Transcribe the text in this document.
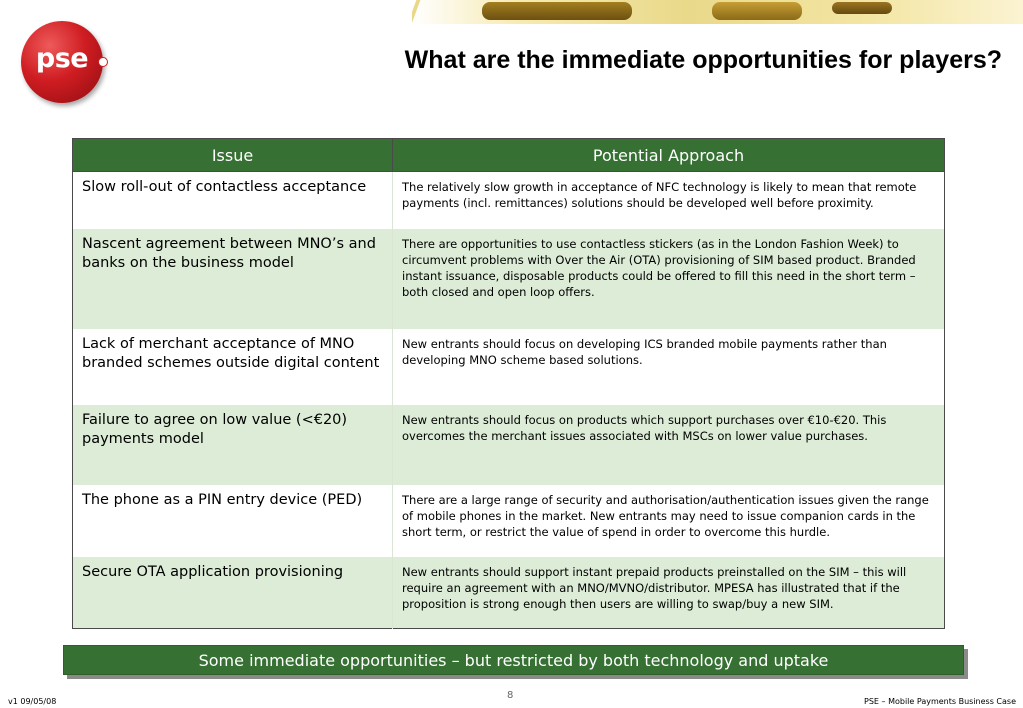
pse	What are the immediate opportunities for players?
Issue	Potential Approach
Slow roll-out of contactless acceptance	The relatively slow growth in acceptance of NFC technology is likely to mean that remote payments (incl. remittances) solutions should be developed well before proximity.
Nascent agreement between MNO’s and banks on the business model	There are opportunities to use contactless stickers (as in the London Fashion Week) to circumvent problems with Over the Air (OTA) provisioning of SIM based product. Branded instant issuance, disposable products could be offered to fill this need in the short term – both closed and open loop offers.
Lack of merchant acceptance of MNO branded schemes outside digital content	New entrants should focus on developing ICS branded mobile payments rather than developing MNO scheme based solutions.
Failure to agree on low value (<€20) payments model	New entrants should focus on products which support purchases over €10-€20. This overcomes the merchant issues associated with MSCs on lower value purchases.
The phone as a PIN entry device (PED)	There are a large range of security and authorisation/authentication issues given the range of mobile phones in the market. New entrants may need to issue companion cards in the short term, or restrict the value of spend in order to overcome this hurdle.
Secure OTA application provisioning	New entrants should support instant prepaid products preinstalled on the SIM – this will require an agreement with an MNO/MVNO/distributor. MPESA has illustrated that if the proposition is strong enough then users are willing to swap/buy a new SIM.
Some immediate opportunities – but restricted by both technology and uptake
v1 09/05/08
8
PSE – Mobile Payments Business Case
